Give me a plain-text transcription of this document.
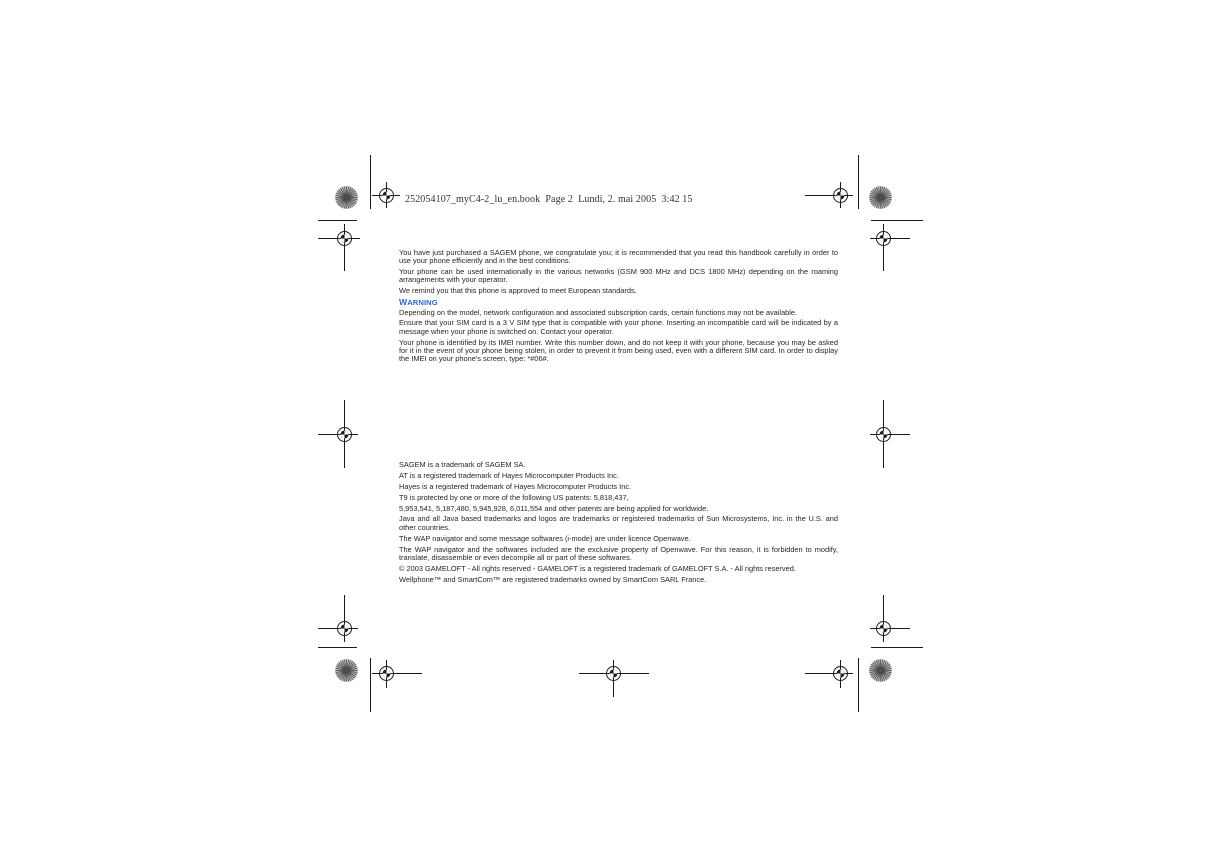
252054107_myC4-2_lu_en.book  Page 2  Lundi, 2. mai 2005  3:42 15

You have just purchased a SAGEM phone, we congratulate you; it is recommended that you read this handbook carefully in order to use your phone efficiently and in the best conditions.

Your phone can be used internationally in the various networks (GSM 900 MHz and DCS 1800 MHz) depending on the roaming arrangements with your operator.

We remind you that this phone is approved to meet European standards.

WARNING

Depending on the model, network configuration and associated subscription cards, certain functions may not be available.

Ensure that your SIM card is a 3 V SIM type that is compatible with your phone. Inserting an incompatible card will be indicated by a message when your phone is switched on. Contact your operator.

Your phone is identified by its IMEI number. Write this number down, and do not keep it with your phone, because you may be asked for it in the event of your phone being stolen, in order to prevent it from being used, even with a different SIM card. In order to display the IMEI on your phone's screen, type: *#06#.

SAGEM is a trademark of SAGEM SA.

AT is a registered trademark of Hayes Microcomputer Products Inc.

Hayes is a registered trademark of Hayes Microcomputer Products Inc.

T9 is protected by one or more of the following US patents: 5,818,437,

5,953,541, 5,187,480, 5,945,928, 6,011,554 and other patents are being applied for worldwide.

Java and all Java based trademarks and logos are trademarks or registered trademarks of Sun Microsystems, Inc. in the U.S. and other countries.

The WAP navigator and some message softwares (i-mode) are under licence Openwave.

The WAP navigator and the softwares included are the exclusive property of Openwave. For this reason, it is forbidden to modify, translate, disassemble or even decompile all or part of these softwares.

© 2003 GAMELOFT - All rights reserved - GAMELOFT is a registered trademark of GAMELOFT S.A. - All rights reserved.

Wellphone™ and SmartCom™ are registered trademarks owned by SmartCom SARL France.
